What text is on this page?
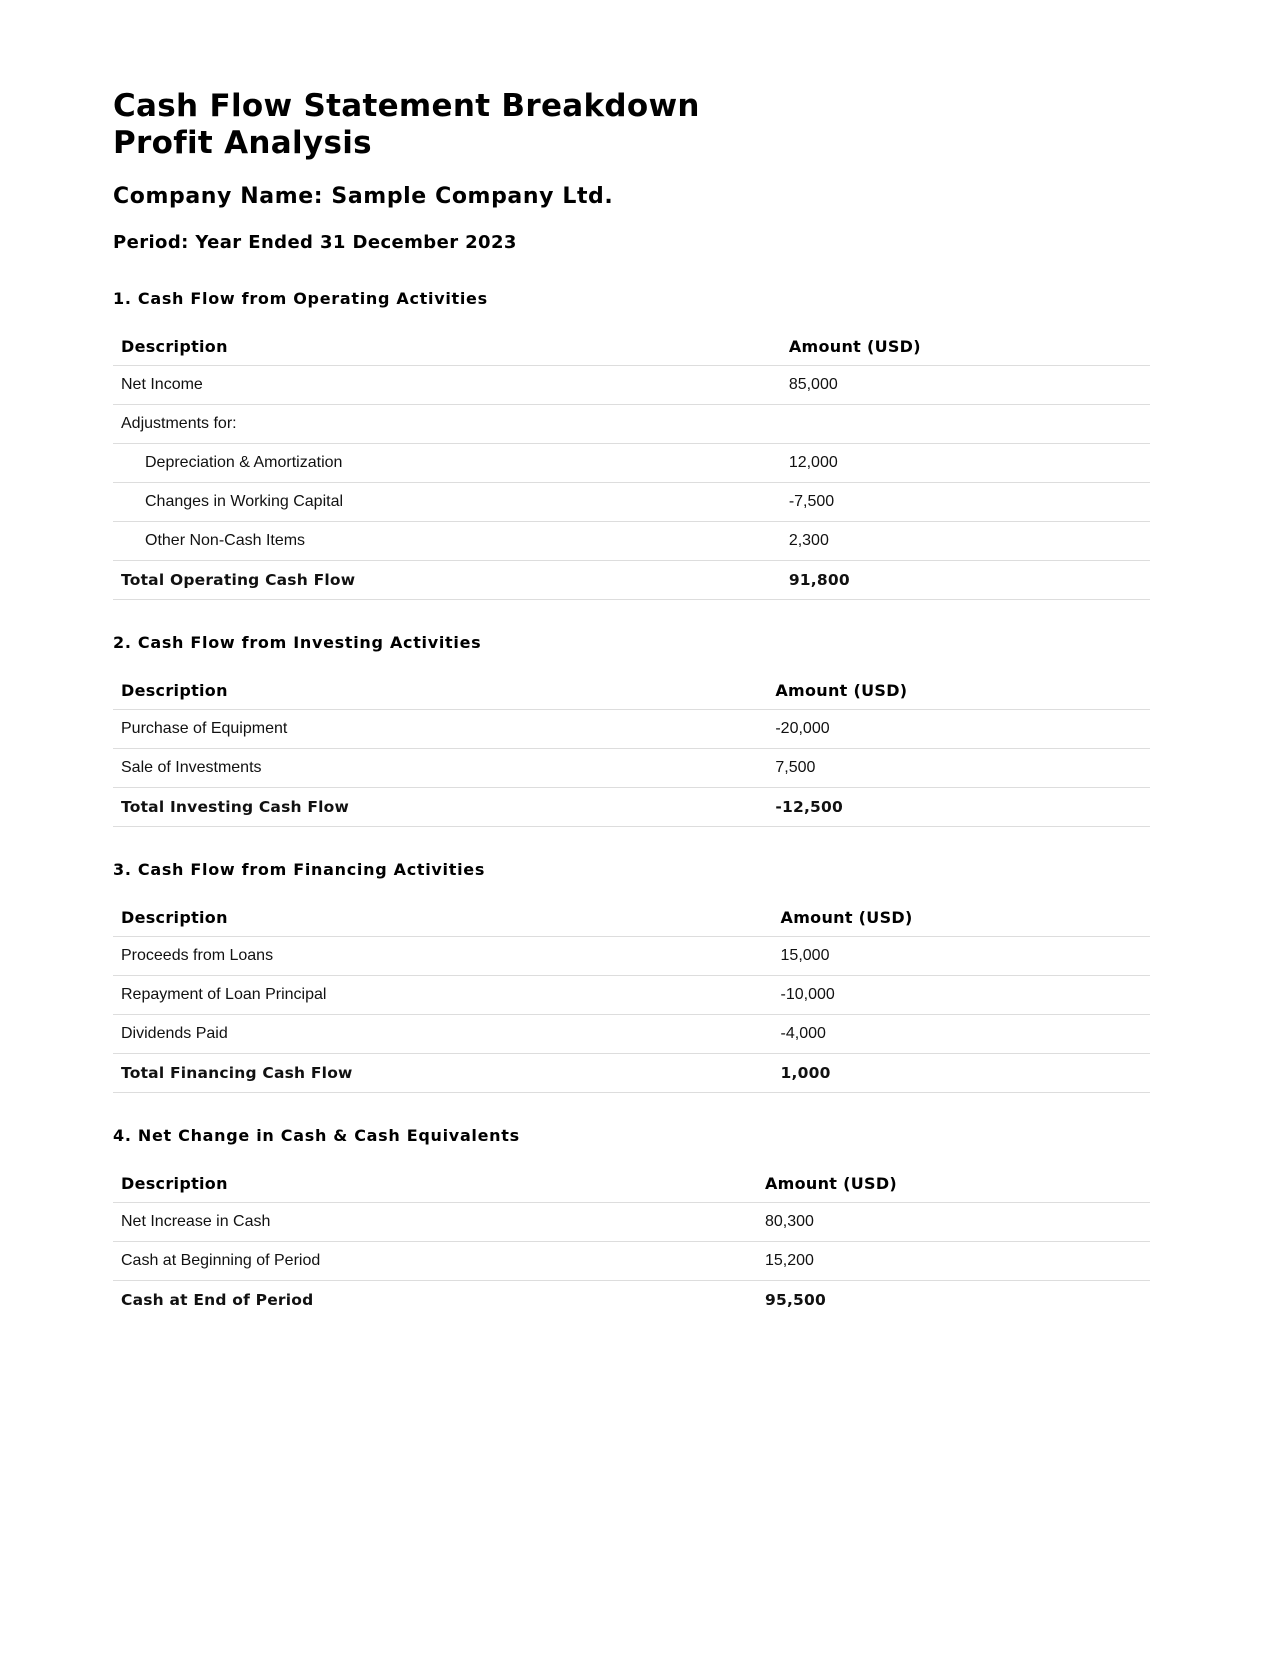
Cash Flow Statement Breakdown
Profit Analysis
Company Name: Sample Company Ltd.
Period: Year Ended 31 December 2023
1. Cash Flow from Operating Activities
Description	Amount (USD)
Net Income	85,000
Adjustments for:	
Depreciation & Amortization	12,000
Changes in Working Capital	-7,500
Other Non-Cash Items	2,300
Total Operating Cash Flow	91,800
2. Cash Flow from Investing Activities
Description	Amount (USD)
Purchase of Equipment	-20,000
Sale of Investments	7,500
Total Investing Cash Flow	-12,500
3. Cash Flow from Financing Activities
Description	Amount (USD)
Proceeds from Loans	15,000
Repayment of Loan Principal	-10,000
Dividends Paid	-4,000
Total Financing Cash Flow	1,000
4. Net Change in Cash & Cash Equivalents
Description	Amount (USD)
Net Increase in Cash	80,300
Cash at Beginning of Period	15,200
Cash at End of Period	95,500
